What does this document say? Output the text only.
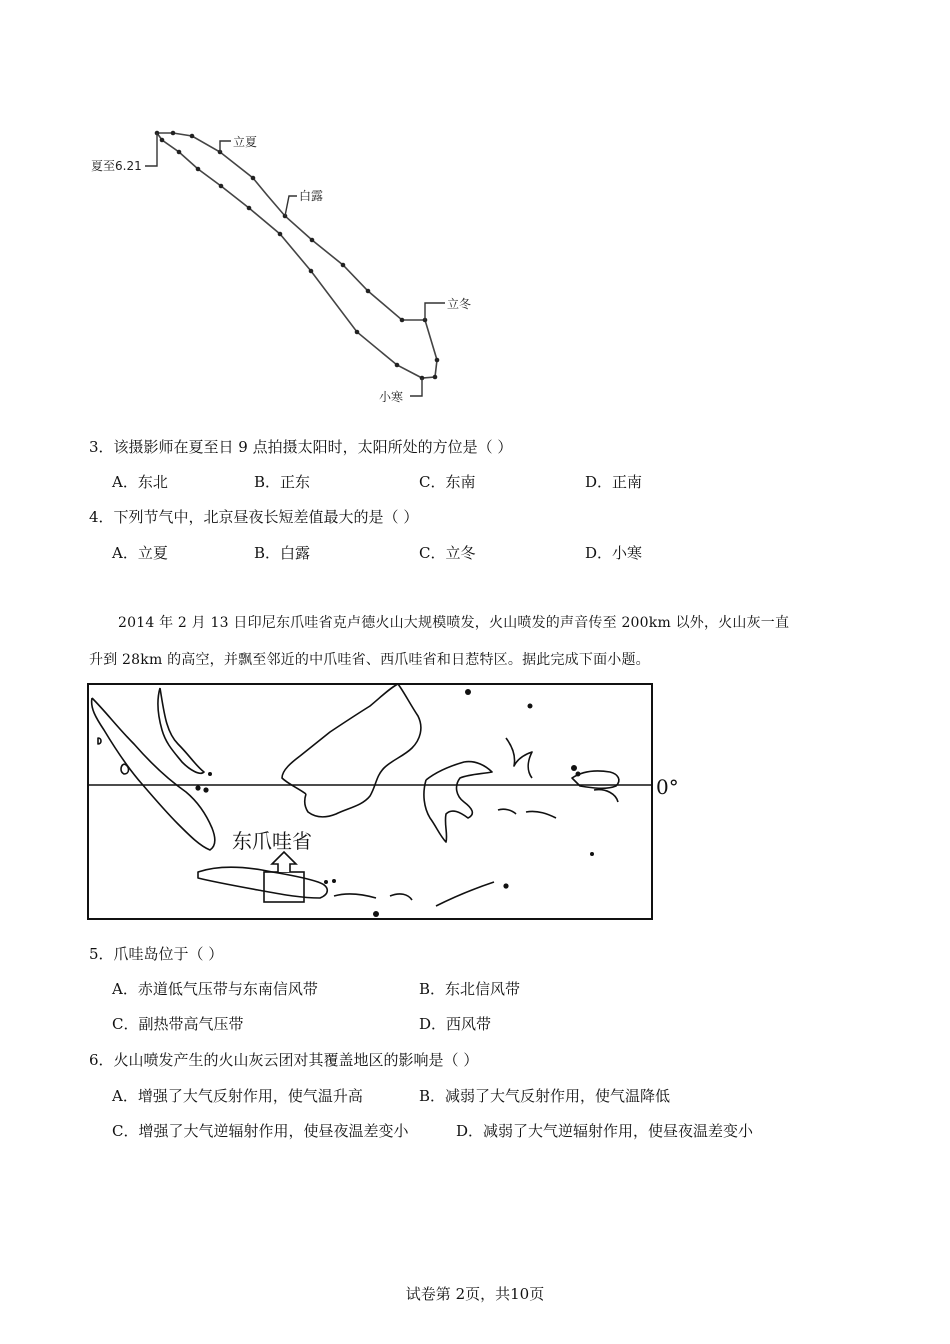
夏至6.21
立夏
白露
立冬
小寒
3．该摄影师在夏至日 9 点拍摄太阳时，太阳所处的方位是（ ）
A．东北	B．正东	C．东南	D．正南
4．下列节气中，北京昼夜长短差值最大的是（ ）
A．立夏	B．白露	C．立冬	D．小寒
2014 年 2 月 13 日印尼东爪哇省克卢德火山大规模喷发，火山喷发的声音传至 200km 以外，火山灰一直
升到 28km 的高空，并飘至邻近的中爪哇省、西爪哇省和日惹特区。据此完成下面小题。
0°
东爪哇省
5．爪哇岛位于（ ）
A．赤道低气压带与东南信风带	B．东北信风带
C．副热带高气压带	D．西风带
6．火山喷发产生的火山灰云团对其覆盖地区的影响是（ ）
A．增强了大气反射作用，使气温升高	B．减弱了大气反射作用，使气温降低
C．增强了大气逆辐射作用，使昼夜温差变小	D．减弱了大气逆辐射作用，使昼夜温差变小
试卷第 2页，共10页
